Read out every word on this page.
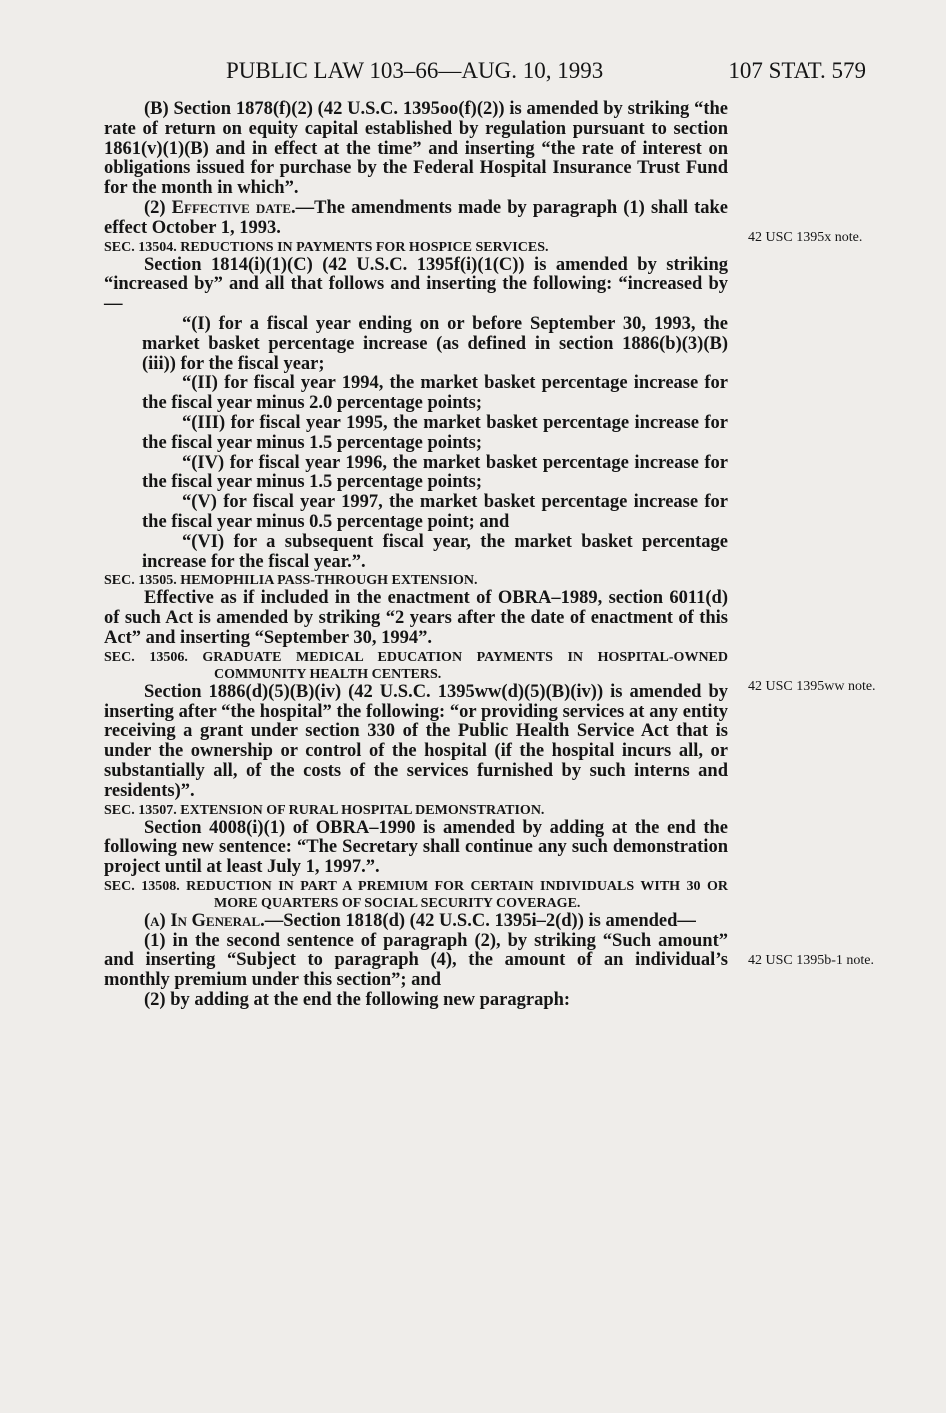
PUBLIC LAW 103–66—AUG. 10, 1993	107 STAT. 579

(B) Section 1878(f)(2) (42 U.S.C. 1395oo(f)(2)) is amended by striking “the rate of return on equity capital established by regulation pursuant to section 1861(v)(1)(B) and in effect at the time” and inserting “the rate of interest on obligations issued for purchase by the Federal Hospital Insurance Trust Fund for the month in which”.

(2) Effective date.—The amendments made by paragraph (1) shall take effect October 1, 1993.

SEC. 13504. REDUCTIONS IN PAYMENTS FOR HOSPICE SERVICES.

Section 1814(i)(1)(C) (42 U.S.C. 1395f(i)(1(C)) is amended by striking “increased by” and all that follows and inserting the following: “increased by—

“(I) for a fiscal year ending on or before September 30, 1993, the market basket percentage increase (as defined in section 1886(b)(3)(B)(iii)) for the fiscal year;

“(II) for fiscal year 1994, the market basket percentage increase for the fiscal year minus 2.0 percentage points;

“(III) for fiscal year 1995, the market basket percentage increase for the fiscal year minus 1.5 percentage points;

“(IV) for fiscal year 1996, the market basket percentage increase for the fiscal year minus 1.5 percentage points;

“(V) for fiscal year 1997, the market basket percentage increase for the fiscal year minus 0.5 percentage point; and

“(VI) for a subsequent fiscal year, the market basket percentage increase for the fiscal year.”.

SEC. 13505. HEMOPHILIA PASS-THROUGH EXTENSION.

Effective as if included in the enactment of OBRA–1989, section 6011(d) of such Act is amended by striking “2 years after the date of enactment of this Act” and inserting “September 30, 1994”.

SEC. 13506. GRADUATE MEDICAL EDUCATION PAYMENTS IN HOSPITAL-OWNED COMMUNITY HEALTH CENTERS.

Section 1886(d)(5)(B)(iv) (42 U.S.C. 1395ww(d)(5)(B)(iv)) is amended by inserting after “the hospital” the following: “or providing services at any entity receiving a grant under section 330 of the Public Health Service Act that is under the ownership or control of the hospital (if the hospital incurs all, or substantially all, of the costs of the services furnished by such interns and residents)”.

SEC. 13507. EXTENSION OF RURAL HOSPITAL DEMONSTRATION.

Section 4008(i)(1) of OBRA–1990 is amended by adding at the end the following new sentence: “The Secretary shall continue any such demonstration project until at least July 1, 1997.”.

SEC. 13508. REDUCTION IN PART A PREMIUM FOR CERTAIN INDIVIDUALS WITH 30 OR MORE QUARTERS OF SOCIAL SECURITY COVERAGE.

(a) In General.—Section 1818(d) (42 U.S.C. 1395i–2(d)) is amended—

(1) in the second sentence of paragraph (2), by striking “Such amount” and inserting “Subject to paragraph (4), the amount of an individual’s monthly premium under this section”; and

(2) by adding at the end the following new paragraph:

42 USC 1395x note.
42 USC 1395ww note.
42 USC 1395b-1 note.
